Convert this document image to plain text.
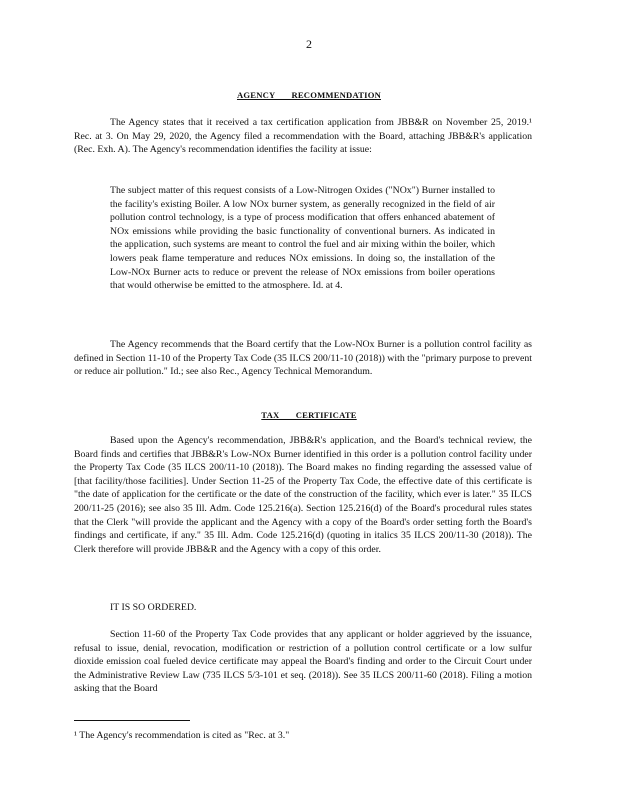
2
AGENCY RECOMMENDATION

The Agency states that it received a tax certification application from JBB&R on November 25, 2019.¹ Rec. at 3. On May 29, 2020, the Agency filed a recommendation with the Board, attaching JBB&R's application (Rec. Exh. A). The Agency's recommendation identifies the facility at issue:

The subject matter of this request consists of a Low-Nitrogen Oxides ("NOx") Burner installed to the facility's existing Boiler. A low NOx burner system, as generally recognized in the field of air pollution control technology, is a type of process modification that offers enhanced abatement of NOx emissions while providing the basic functionality of conventional burners. As indicated in the application, such systems are meant to control the fuel and air mixing within the boiler, which lowers peak flame temperature and reduces NOx emissions. In doing so, the installation of the Low-NOx Burner acts to reduce or prevent the release of NOx emissions from boiler operations that would otherwise be emitted to the atmosphere. Id. at 4.

The Agency recommends that the Board certify that the Low-NOx Burner is a pollution control facility as defined in Section 11-10 of the Property Tax Code (35 ILCS 200/11-10 (2018)) with the "primary purpose to prevent or reduce air pollution." Id.; see also Rec., Agency Technical Memorandum.

TAX CERTIFICATE

Based upon the Agency's recommendation, JBB&R's application, and the Board's technical review, the Board finds and certifies that JBB&R's Low-NOx Burner identified in this order is a pollution control facility under the Property Tax Code (35 ILCS 200/11-10 (2018)). The Board makes no finding regarding the assessed value of [that facility/those facilities]. Under Section 11-25 of the Property Tax Code, the effective date of this certificate is "the date of application for the certificate or the date of the construction of the facility, which ever is later." 35 ILCS 200/11-25 (2016); see also 35 Ill. Adm. Code 125.216(a). Section 125.216(d) of the Board's procedural rules states that the Clerk "will provide the applicant and the Agency with a copy of the Board's order setting forth the Board's findings and certificate, if any." 35 Ill. Adm. Code 125.216(d) (quoting in italics 35 ILCS 200/11-30 (2018)). The Clerk therefore will provide JBB&R and the Agency with a copy of this order.

IT IS SO ORDERED.

Section 11-60 of the Property Tax Code provides that any applicant or holder aggrieved by the issuance, refusal to issue, denial, revocation, modification or restriction of a pollution control certificate or a low sulfur dioxide emission coal fueled device certificate may appeal the Board's finding and order to the Circuit Court under the Administrative Review Law (735 ILCS 5/3-101 et seq. (2018)). See 35 ILCS 200/11-60 (2018). Filing a motion asking that the Board

¹ The Agency's recommendation is cited as "Rec. at 3."
